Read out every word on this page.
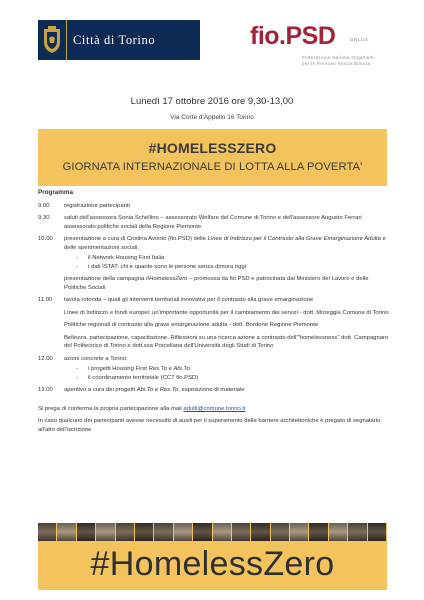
Città di Torino	fio.PSD	ONLUS
Federazione Italiana Organismi
per le Persone Senza Dimora
Lunedì 17 ottobre 2016 ore 9,30-13,00
Via Corte d'Appello 16 Torino
#HOMELESSZERO
GIORNATA INTERNAZIONALE DI LOTTA ALLA POVERTA'
Programma
9.00	registrazione partecipanti
9,30	saluti dell'assessora Sonia Schellino – assessorato Welfare del Comune di Torino e dell'assessore Augusto Ferrari assessorato politiche sociali della Regione Piemonte
10.00	presentazione a cura di Cristina Avonto (fio.PSD) delle Linee di Indirizzo per il Contrasto alla Grave Emarginazione Adulta e delle sperimentazioni sociali:
-	il Network Housing First Italia
-	i dati ISTAT: chi e quante sono le persone senza dimora oggi
presentazione della campagna #HomelessZero – promossa da fio.PSD e patrocinata dal Ministero del Lavoro e delle Politiche Sociali
11.00	tavola rotonda – quali gli interventi territoriali innovativi per il contrasto alla grave emarginazione
Linee di Indirizzo e fondi europei: un'importante opportunità per il cambiamento dei servizi - dott. Moreggia Comune di Torino
Politiche regionali di contrasto alla grave emarginazione adulta - dott. Bordone Regione Piemonte
Bellezza, partecipazione, capacitazione. Riflessioni su una ricerca azione a contrasto dell'"homelessness" dott. Campagnaro del Politecnico di Torino e dott.ssa Porcellana dell'Università degli Studi di Torino
12.00	azioni concrete a Torino:
-	i progetti Housing First Res.To e Abi.To
-	il coordinamento territoriale (CCT fio.PSD)
13.00	aperitivo a cura dei progetti Abi.To e Res.To; esposizione di materiale
Si prega di conferma la propria partecipazione alla mail adulti@comune.torino.it
In caso qualcuno dei partecipanti avesse necessità di ausili per il superamento delle barriere architettoniche è pregato di segnalarlo all'atto dell'iscrizione
#HomelessZero
